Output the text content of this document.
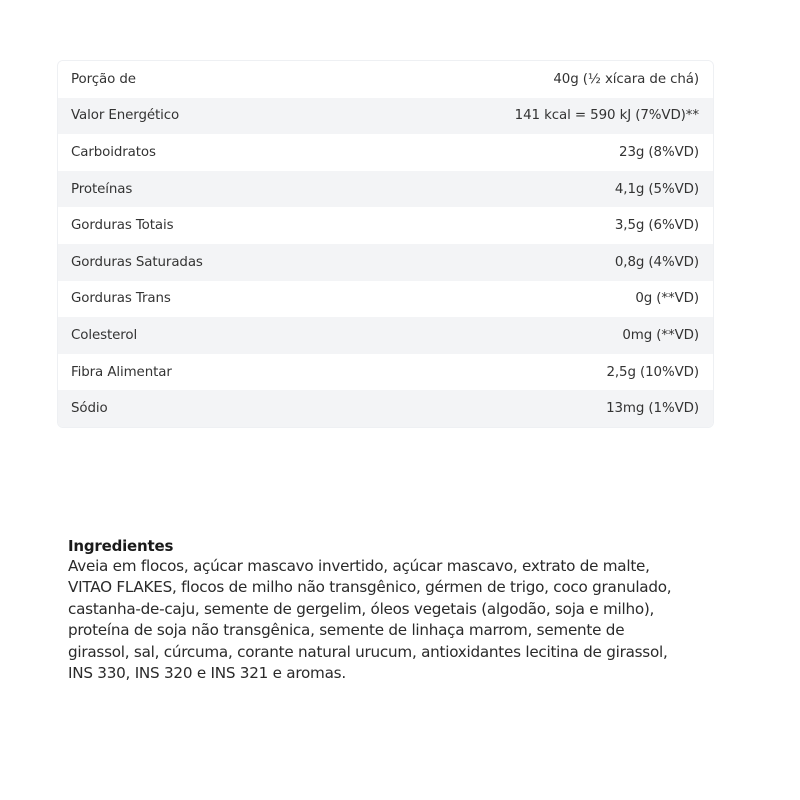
Porção de	40g (½ xícara de chá)
Valor Energético	141 kcal = 590 kJ (7%VD)**
Carboidratos	23g (8%VD)
Proteínas	4,1g (5%VD)
Gorduras Totais	3,5g (6%VD)
Gorduras Saturadas	0,8g (4%VD)
Gorduras Trans	0g (**VD)
Colesterol	0mg (**VD)
Fibra Alimentar	2,5g (10%VD)
Sódio	13mg (1%VD)
Ingredientes

Aveia em flocos, açúcar mascavo invertido, açúcar mascavo, extrato de malte,
VITAO FLAKES, flocos de milho não transgênico, gérmen de trigo, coco granulado,
castanha-de-caju, semente de gergelim, óleos vegetais (algodão, soja e milho),
proteína de soja não transgênica, semente de linhaça marrom, semente de
girassol, sal, cúrcuma, corante natural urucum, antioxidantes lecitina de girassol,
INS 330, INS 320 e INS 321 e aromas.
